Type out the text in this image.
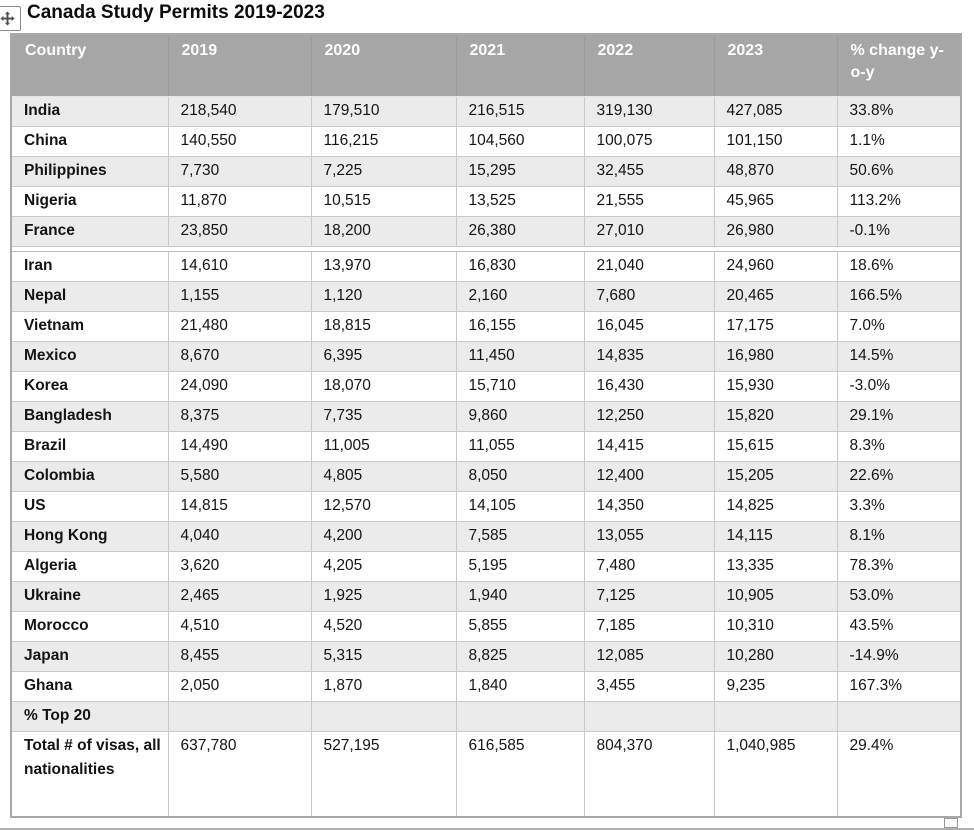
Canada Study Permits 2019-2023
Country	2019	2020	2021	2022	2023	% change y-o-y
India	218,540	179,510	216,515	319,130	427,085	33.8%
China	140,550	116,215	104,560	100,075	101,150	1.1%
Philippines	7,730	7,225	15,295	32,455	48,870	50.6%
Nigeria	11,870	10,515	13,525	21,555	45,965	113.2%
France	23,850	18,200	26,380	27,010	26,980	-0.1%

Iran	14,610	13,970	16,830	21,040	24,960	18.6%
Nepal	1,155	1,120	2,160	7,680	20,465	166.5%
Vietnam	21,480	18,815	16,155	16,045	17,175	7.0%
Mexico	8,670	6,395	11,450	14,835	16,980	14.5%
Korea	24,090	18,070	15,710	16,430	15,930	-3.0%
Bangladesh	8,375	7,735	9,860	12,250	15,820	29.1%
Brazil	14,490	11,005	11,055	14,415	15,615	8.3%
Colombia	5,580	4,805	8,050	12,400	15,205	22.6%
US	14,815	12,570	14,105	14,350	14,825	3.3%
Hong Kong	4,040	4,200	7,585	13,055	14,115	8.1%
Algeria	3,620	4,205	5,195	7,480	13,335	78.3%
Ukraine	2,465	1,925	1,940	7,125	10,905	53.0%
Morocco	4,510	4,520	5,855	7,185	10,310	43.5%
Japan	8,455	5,315	8,825	12,085	10,280	-14.9%
Ghana	2,050	1,870	1,840	3,455	9,235	167.3%
% Top 20						
Total # of visas, all nationalities	637,780	527,195	616,585	804,370	1,040,985	29.4%
